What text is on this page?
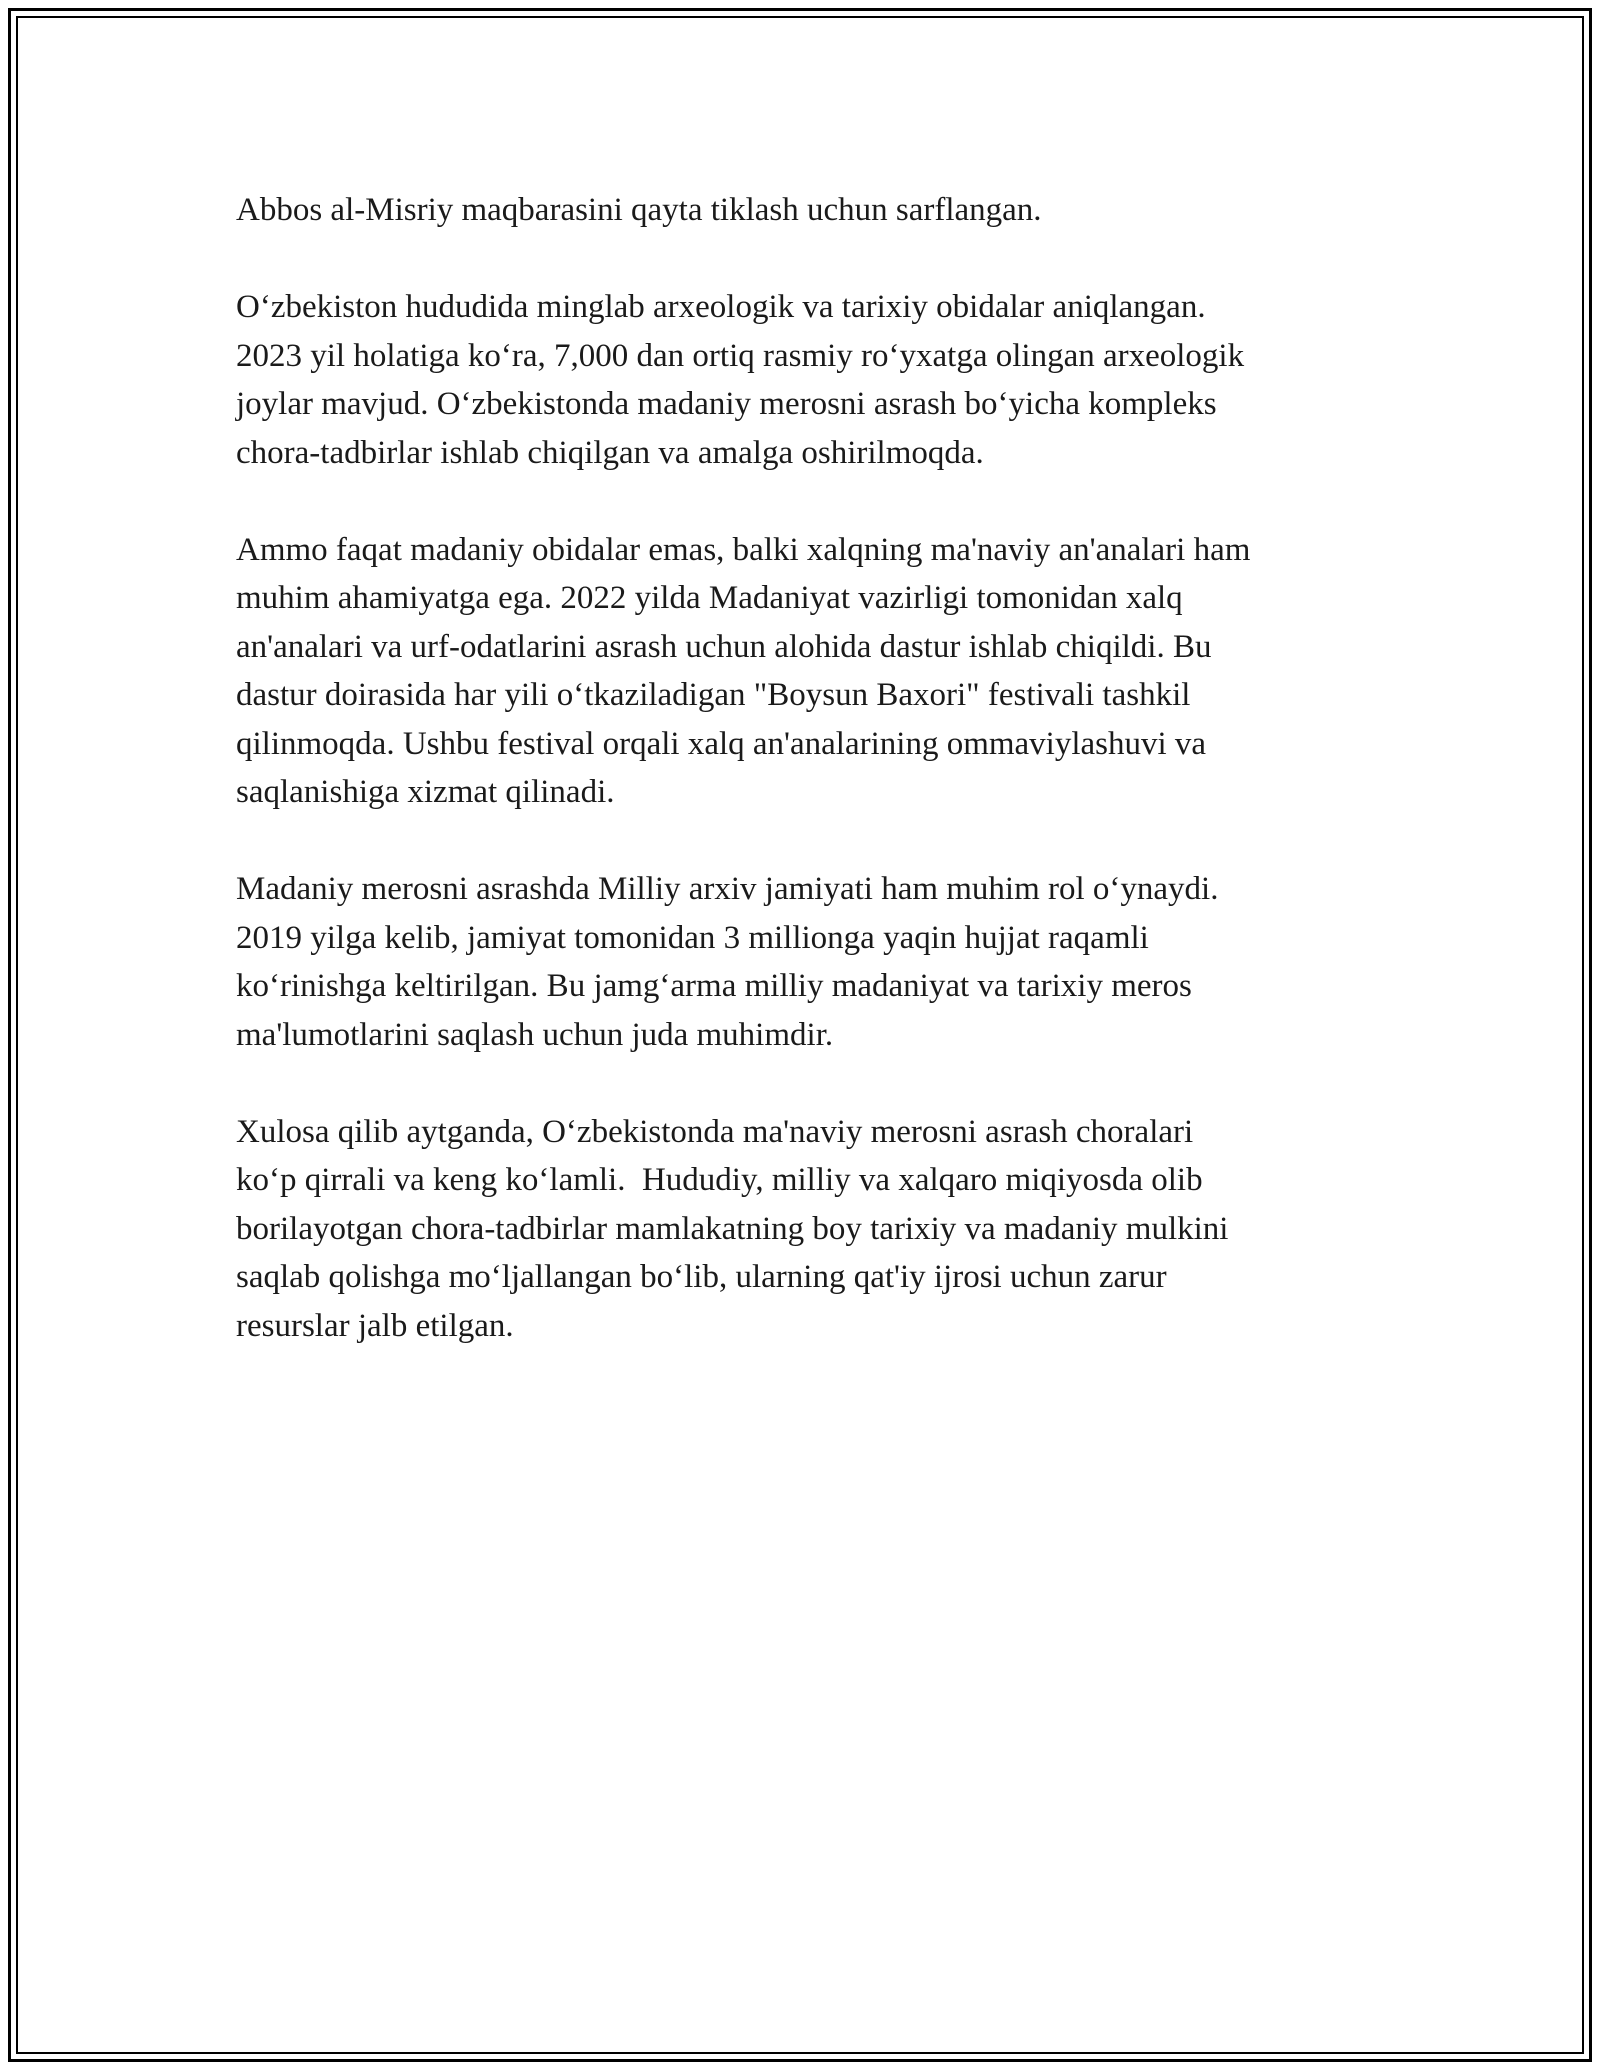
Abbos al-Misriy maqbarasini qayta tiklash uchun sarflangan.

O‘zbekiston hududida minglab arxeologik va tarixiy obidalar aniqlangan.
2023 yil holatiga ko‘ra, 7,000 dan ortiq rasmiy ro‘yxatga olingan arxeologik
joylar mavjud. O‘zbekistonda madaniy merosni asrash bo‘yicha kompleks
chora-tadbirlar ishlab chiqilgan va amalga oshirilmoqda.

Ammo faqat madaniy obidalar emas, balki xalqning ma'naviy an'analari ham
muhim ahamiyatga ega. 2022 yilda Madaniyat vazirligi tomonidan xalq
an'analari va urf-odatlarini asrash uchun alohida dastur ishlab chiqildi. Bu
dastur doirasida har yili o‘tkaziladigan "Boysun Baxori" festivali tashkil
qilinmoqda. Ushbu festival orqali xalq an'analarining ommaviylashuvi va
saqlanishiga xizmat qilinadi.

Madaniy merosni asrashda Milliy arxiv jamiyati ham muhim rol o‘ynaydi.
2019 yilga kelib, jamiyat tomonidan 3 millionga yaqin hujjat raqamli
ko‘rinishga keltirilgan. Bu jamg‘arma milliy madaniyat va tarixiy meros
ma'lumotlarini saqlash uchun juda muhimdir.

Xulosa qilib aytganda, O‘zbekistonda ma'naviy merosni asrash choralari
ko‘p qirrali va keng ko‘lamli.  Hududiy, milliy va xalqaro miqiyosda olib
borilayotgan chora-tadbirlar mamlakatning boy tarixiy va madaniy mulkini
saqlab qolishga mo‘ljallangan bo‘lib, ularning qat'iy ijrosi uchun zarur
resurslar jalb etilgan.
